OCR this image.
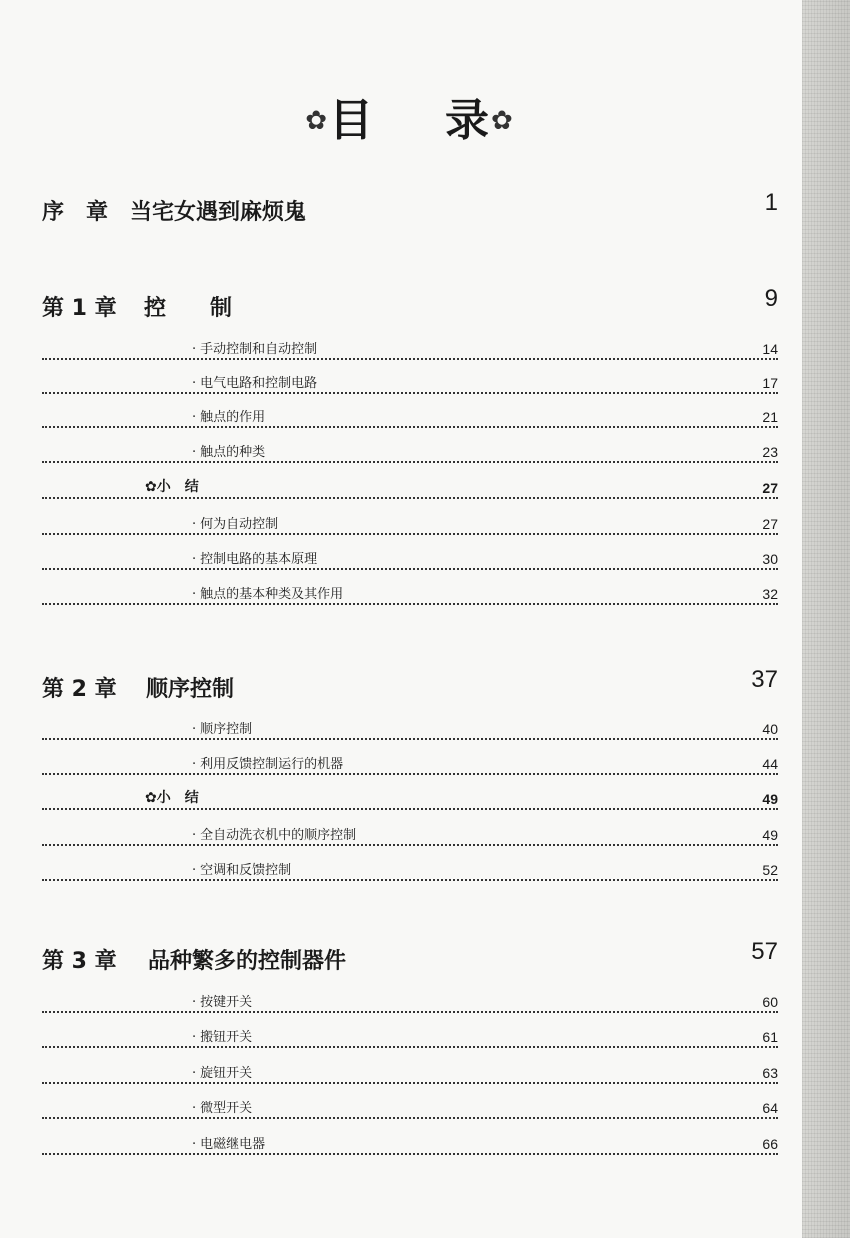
✿目 录✿
序　章 当宅女遇到麻烦鬼	1
第 1 章 控　　制	9
· 手动控制和自动控制	14
· 电气电路和控制电路	17
· 触点的作用	21
· 触点的种类	23
✿小　结	27
· 何为自动控制	27
· 控制电路的基本原理	30
· 触点的基本种类及其作用	32
第 2 章 顺序控制	37
· 顺序控制	40
· 利用反馈控制运行的机器	44
✿小　结	49
· 全自动洗衣机中的顺序控制	49
· 空调和反馈控制	52
第 3 章 品种繁多的控制器件	57
· 按键开关	60
· 搬钮开关	61
· 旋钮开关	63
· 微型开关	64
· 电磁继电器	66
